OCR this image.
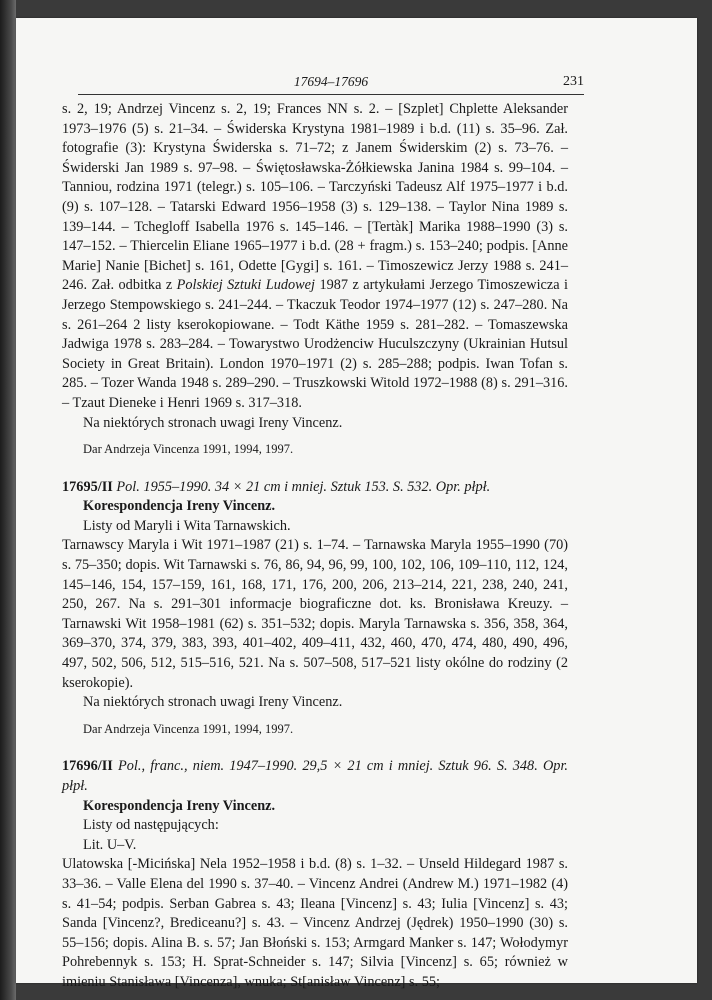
17694–17696	231

s. 2, 19; Andrzej Vincenz s. 2, 19; Frances NN s. 2. – [Szplet] Chplette Aleksander 1973–1976 (5) s. 21–34. – Świderska Krystyna 1981–1989 i b.d. (11) s. 35–96. Zał. fotografie (3): Krystyna Świderska s. 71–72; z Janem Świderskim (2) s. 73–76. – Świderski Jan 1989 s. 97–98. – Świętosławska-Żółkiewska Janina 1984 s. 99–104. – Tanniou, rodzina 1971 (telegr.) s. 105–106. – Tarczyński Tadeusz Alf 1975–1977 i b.d. (9) s. 107–128. – Tatarski Edward 1956–1958 (3) s. 129–138. – Taylor Nina 1989 s. 139–144. – Tchegloff Isabella 1976 s. 145–146. – [Tertàk] Marika 1988–1990 (3) s. 147–152. – Thiercelin Eliane 1965–1977 i b.d. (28 + fragm.) s. 153–240; podpis. [Anne Marie] Nanie [Bichet] s. 161, Odette [Gygi] s. 161. – Timoszewicz Jerzy 1988 s. 241–246. Zał. odbitka z Polskiej Sztuki Ludowej 1987 z artykułami Jerzego Timoszewicza i Jerzego Stempowskiego s. 241–244. – Tkaczuk Teodor 1974–1977 (12) s. 247–280. Na s. 261–264 2 listy kserokopiowane. – Todt Käthe 1959 s. 281–282. – Tomaszewska Jadwiga 1978 s. 283–284. – Towarystwo Urodżenciw Huculszczyny (Ukrainian Hutsul Society in Great Britain). London 1970–1971 (2) s. 285–288; podpis. Iwan Tofan s. 285. – Tozer Wanda 1948 s. 289–290. – Truszkowski Witold 1972–1988 (8) s. 291–316. – Tzaut Dieneke i Henri 1969 s. 317–318.

Na niektórych stronach uwagi Ireny Vincenz.

Dar Andrzeja Vincenza 1991, 1994, 1997.

17695/II Pol. 1955–1990. 34 × 21 cm i mniej. Sztuk 153. S. 532. Opr. płpł.

Korespondencja Ireny Vincenz.

Listy od Maryli i Wita Tarnawskich.

Tarnawscy Maryla i Wit 1971–1987 (21) s. 1–74. – Tarnawska Maryla 1955–1990 (70) s. 75–350; dopis. Wit Tarnawski s. 76, 86, 94, 96, 99, 100, 102, 106, 109–110, 112, 124, 145–146, 154, 157–159, 161, 168, 171, 176, 200, 206, 213–214, 221, 238, 240, 241, 250, 267. Na s. 291–301 informacje biograficzne dot. ks. Bronisława Kreuzy. – Tarnawski Wit 1958–1981 (62) s. 351–532; dopis. Maryla Tarnawska s. 356, 358, 364, 369–370, 374, 379, 383, 393, 401–402, 409–411, 432, 460, 470, 474, 480, 490, 496, 497, 502, 506, 512, 515–516, 521. Na s. 507–508, 517–521 listy okólne do rodziny (2 kserokopie).

Na niektórych stronach uwagi Ireny Vincenz.

Dar Andrzeja Vincenza 1991, 1994, 1997.

17696/II Pol., franc., niem. 1947–1990. 29,5 × 21 cm i mniej. Sztuk 96. S. 348. Opr. płpł.

Korespondencja Ireny Vincenz.

Listy od następujących:

Lit. U–V.

Ulatowska [-Micińska] Nela 1952–1958 i b.d. (8) s. 1–32. – Unseld Hildegard 1987 s. 33–36. – Valle Elena del 1990 s. 37–40. – Vincenz Andrei (Andrew M.) 1971–1982 (4) s. 41–54; podpis. Serban Gabrea s. 43; Ileana [Vincenz] s. 43; Iulia [Vincenz] s. 43; Sanda [Vincenz?, Brediceanu?] s. 43. – Vincenz Andrzej (Jędrek) 1950–1990 (30) s. 55–156; dopis. Alina B. s. 57; Jan Błoński s. 153; Armgard Manker s. 147; Wołodymyr Pohrebennyk s. 153; H. Sprat-Schneider s. 147; Silvia [Vincenz] s. 65; również w imieniu Stanisława [Vincenza], wnuka; St[anisław Vincenz] s. 55;
